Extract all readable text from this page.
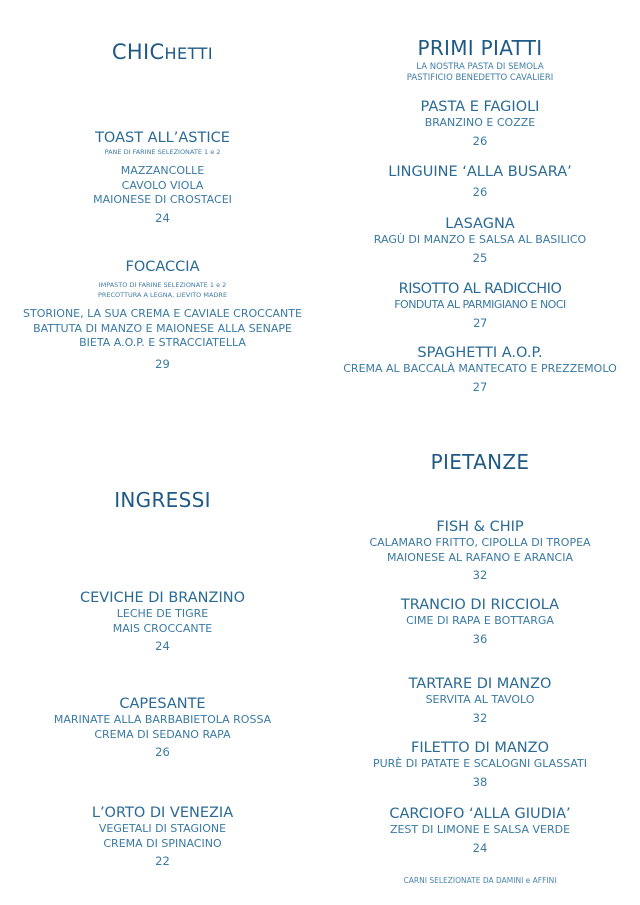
CHICHETTI
TOAST ALL’ASTICE
PANE DI FARINE SELEZIONATE 1 e 2
MAZZANCOLLE
CAVOLO VIOLA
MAIONESE DI CROSTACEI
24
FOCACCIA
IMPASTO DI FARINE SELEZIONATE 1 e 2
PRECOTTURA A LEGNA, LIEVITO MADRE
STORIONE, LA SUA CREMA E CAVIALE CROCCANTE
BATTUTA DI MANZO E MAIONESE ALLA SENAPE
BIETA A.O.P. E STRACCIATELLA
29
PRIMI PIATTI
LA NOSTRA PASTA DI SEMOLA
PASTIFICIO BENEDETTO CAVALIERI
PASTA E FAGIOLI
BRANZINO E COZZE
26
LINGUINE ‘ALLA BUSARA’
26
LASAGNA
RAGÙ DI MANZO E SALSA AL BASILICO
25
RISOTTO AL RADICCHIO
FONDUTA AL PARMIGIANO E NOCI
27
SPAGHETTI A.O.P.
CREMA AL BACCALÀ MANTECATO E PREZZEMOLO
27
INGRESSI
CEVICHE DI BRANZINO
LECHE DE TIGRE
MAIS CROCCANTE
24
CAPESANTE
MARINATE ALLA BARBABIETOLA ROSSA
CREMA DI SEDANO RAPA
26
L’ORTO DI VENEZIA
VEGETALI DI STAGIONE
CREMA DI SPINACINO
22
PIETANZE
FISH & CHIP
CALAMARO FRITTO, CIPOLLA DI TROPEA
MAIONESE AL RAFANO E ARANCIA
32
TRANCIO DI RICCIOLA
CIME DI RAPA E BOTTARGA
36
TARTARE DI MANZO
SERVITA AL TAVOLO
32
FILETTO DI MANZO
PURÈ DI PATATE E SCALOGNI GLASSATI
38
CARCIOFO ‘ALLA GIUDIA’
ZEST DI LIMONE E SALSA VERDE
24
CARNI SELEZIONATE DA DAMINI e AFFINI
